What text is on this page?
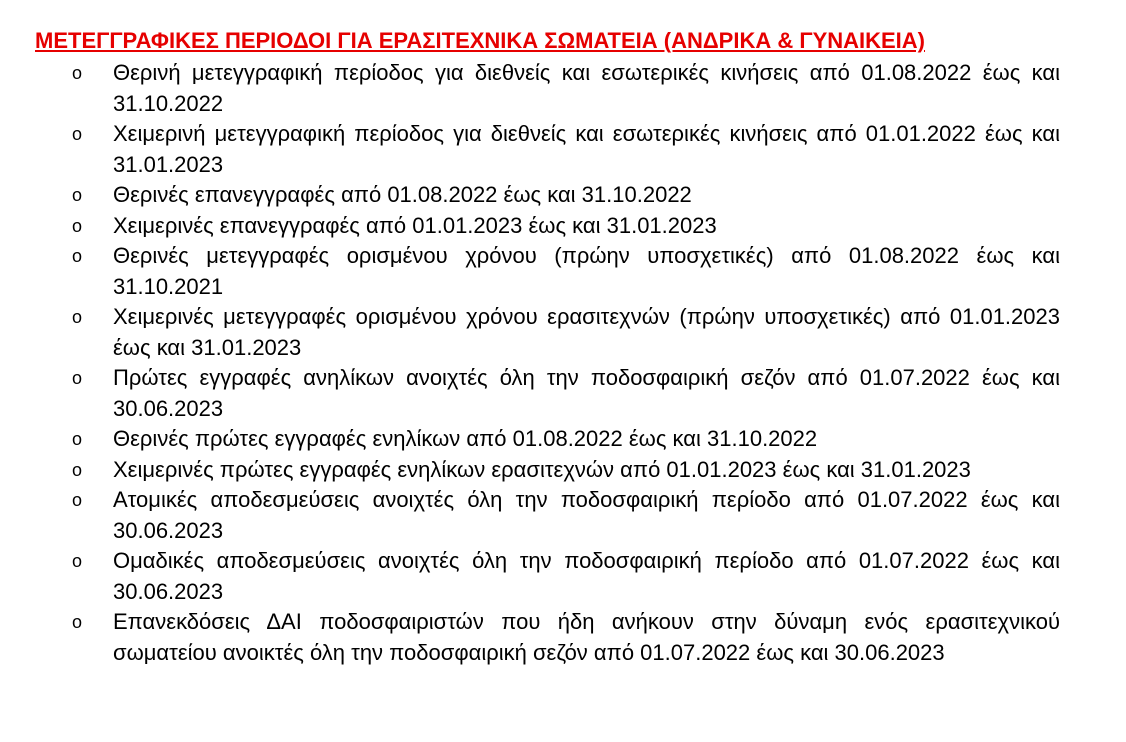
ΜΕΤΕΓΓΡΑΦΙΚΕΣ ΠΕΡΙΟΔΟΙ ΓΙΑ ΕΡΑΣΙΤΕΧΝΙΚΑ ΣΩΜΑΤΕΙΑ (ΑΝΔΡΙΚΑ & ΓΥΝΑΙΚΕΙΑ)
o Θερινή μετεγγραφική περίοδος για διεθνείς και εσωτερικές κινήσεις από 01.08.2022 έως και 31.10.2022
o Χειμερινή μετεγγραφική περίοδος για διεθνείς και εσωτερικές κινήσεις από 01.01.2022 έως και 31.01.2023
o Θερινές επανεγγραφές από 01.08.2022 έως και 31.10.2022
o Χειμερινές επανεγγραφές από 01.01.2023 έως και 31.01.2023
o Θερινές μετεγγραφές ορισμένου χρόνου (πρώην υποσχετικές) από 01.08.2022 έως και 31.10.2021
o Χειμερινές μετεγγραφές ορισμένου χρόνου ερασιτεχνών (πρώην υποσχετικές) από 01.01.2023 έως και 31.01.2023
o Πρώτες εγγραφές ανηλίκων ανοιχτές όλη την ποδοσφαιρική σεζόν από 01.07.2022 έως και 30.06.2023
o Θερινές πρώτες εγγραφές ενηλίκων από 01.08.2022 έως και 31.10.2022
o Χειμερινές πρώτες εγγραφές ενηλίκων ερασιτεχνών από 01.01.2023 έως και 31.01.2023
o Ατομικές αποδεσμεύσεις ανοιχτές όλη την ποδοσφαιρική περίοδο από 01.07.2022 έως και 30.06.2023
o Ομαδικές αποδεσμεύσεις ανοιχτές όλη την ποδοσφαιρική περίοδο από 01.07.2022 έως και 30.06.2023
o Επανεκδόσεις ΔΑΙ ποδοσφαιριστών που ήδη ανήκουν στην δύναμη ενός ερασιτεχνικού σωματείου ανοικτές όλη την ποδοσφαιρική σεζόν από 01.07.2022 έως και 30.06.2023
